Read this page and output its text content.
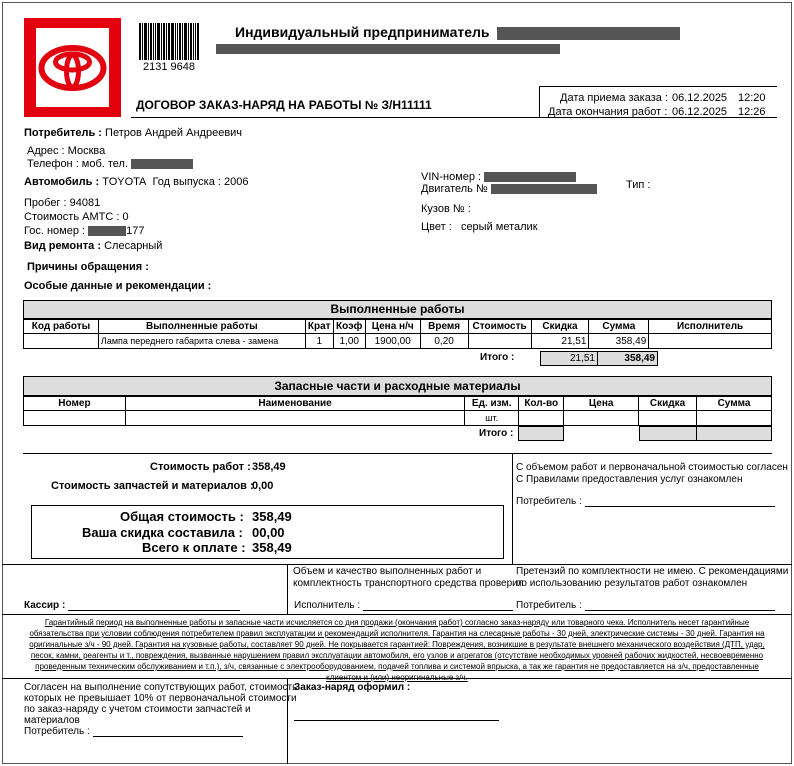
2131 9648
Индивидуальный предприниматель
ДОГОВОР ЗАКАЗ-НАРЯД НА РАБОТЫ № З/Н11111	Дата приема заказа : 06.12.2025 12:20
Дата окончания работ : 06.12.2025 12:26
Потребитель : Петров Андрей Андреевич
Адрес : Москва
Телефон : моб. тел.
Автомобиль : TOYOTA Год выпуска : 2006
Пробег : 94081
Стоимость АМТС : 0
Гос. номер :	177
Вид ремонта : Слесарный
VIN-номер :
Двигатель №	Тип :
Кузов № :
Цвет : серый металик
Причины обращения :
Особые данные и рекомендации :
Выполненные работы
Код работы	Выполненные работы	Крат	Коэф	Цена н/ч	Время	Стоимость	Скидка	Сумма	Исполнитель
	Лампа переднего габарита слева - замена	1	1,00	1900,00	0,20		21,51	358,49	
Итого :	21,51	358,49
Запасные части и расходные материалы
Номер	Наименование	Ед. изм.	Кол-во	Цена	Скидка	Сумма
		шт.				
Итого :
Стоимость работ : 358,49
Стоимость запчастей и материалов :
0,00
Общая стоимость : 358,49
Ваша скидка составила : 00,00
Всего к оплате : 358,49
С объемом работ и первоначальной стоимостью согласен
С Правилами предоставления услуг ознакомлен
Потребитель :
Кассир :
Объем и качество выполненных работ и
комплектность транспортного средства проверил
Исполнитель :
Претензий по комплектности не имею. С рекомендациями
по использованию результатов работ ознакомлен
Потребитель :
Гарантийный период на выполненные работы и запасные части исчисляется со дня продажи (окончания работ) согласно заказ-наряду или товарного чека. Исполнитель несет гарантийные
обязательства при условии соблюдения потребителем правил эксплуатации и рекомендаций исполнителя. Гарантия на слесарные работы - 30 дней, электрические системы - 30 дней. Гарантия на
оригинальные з/ч - 90 дней. Гарантия на кузовные работы, составляет 90 дней. Не покрывается гарантией: Повреждения, возникшие в результате внешнего механического воздействия (ДТП, удар,
песок, камни, реагенты и т., повреждения, вызванные нарушением правил эксплуатации автомобиля, его узлов и агрегатов (отсутствие необходимых уровней рабочих жидкостей, несвоевременно
проведенным техническим обслуживанием и т.п.), з/ч, связанные с электрооборудованием, подачей топлива и системой впрыска, а так же гарантия не предоставляется на з/ч, предоставленные
клиентом и (или) неоригинальные з/ч.
Согласен на выполнение сопутствующих работ, стоимость
которых не превышает 10% от первоначальной стоимости
по заказ-наряду с учетом стоимости запчастей и
материалов
Потребитель :
Заказ-наряд оформил :
